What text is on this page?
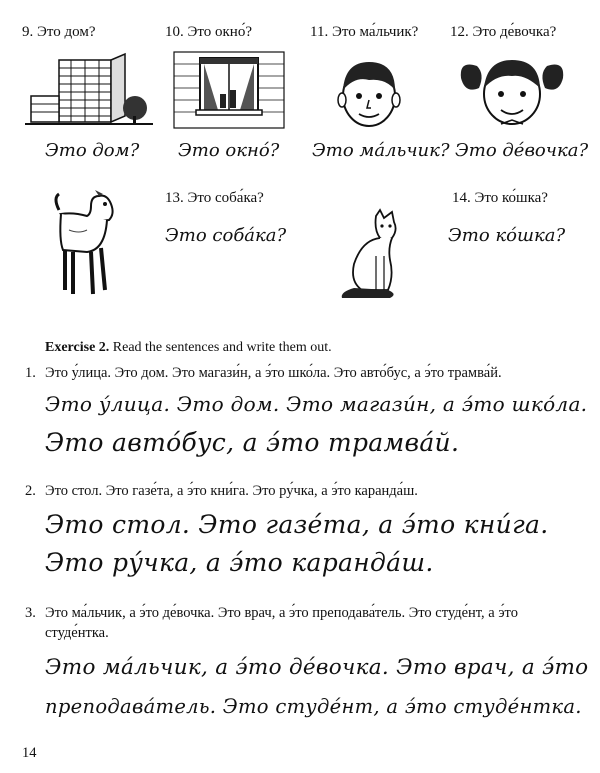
9. Это дом?	10. Это окно́?	11. Это ма́льчик? 12. Это де́вочка?
Это дом? Это окно́? Это ма́льчик? Это де́вочка?
13. Это соба́ка?
Это соба́ка?
14. Это ко́шка?
Это ко́шка?
Exercise 2. Read the sentences and write them out.
1. Это у́лица. Это дом. Это магази́н, а э́то шко́ла. Это авто́бус, а э́то трамва́й.
Это у́лица. Это дом. Это магази́н, а э́то шко́ла.
Это авто́бус, а э́то трамва́й.
2. Это стол. Это газе́та, а э́то кни́га. Это ру́чка, а э́то каранда́ш.
Это стол. Это газе́та, а э́то кни́га.
Это ру́чка, а э́то каранда́ш.
3. Это ма́льчик, а э́то де́вочка. Это врач, а э́то преподава́тель. Это студе́нт, а э́то
студе́нтка.
Это ма́льчик, а э́то де́вочка. Это врач, а э́то
преподава́тель. Это студе́нт, а э́то студе́нтка.
14
